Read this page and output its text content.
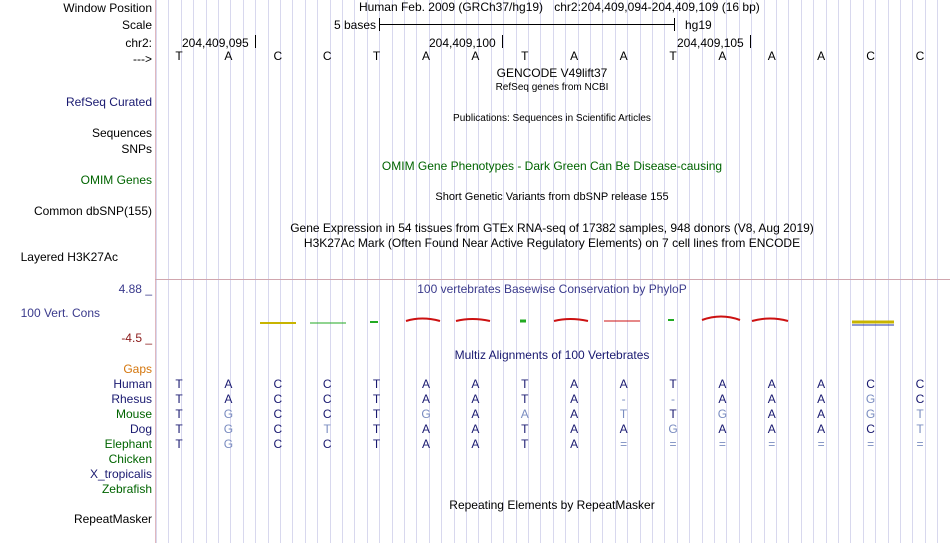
Window Position
Scale
chr2:
--->
RefSeq Curated
Sequences
SNPs
OMIM Genes
Common dbSNP(155)
Layered H3K27Ac
4.88 _
100 Vert. Cons
-4.5 _
Gaps
Human
Rhesus
Mouse
Dog
Elephant
Chicken
X_tropicalis
Zebrafish
RepeatMasker
Human Feb. 2009 (GRCh37/hg19) chr2:204,409,094-204,409,109 (16 bp)
5 bases	hg19
204,409,095	204,409,100	204,409,105
T	A	C	C	T	A	A	T	A	A	T	A	A	A	C	C
GENCODE V49lift37
RefSeq genes from NCBI
Publications: Sequences in Scientific Articles
OMIM Gene Phenotypes - Dark Green Can Be Disease-causing
Short Genetic Variants from dbSNP release 155
Gene Expression in 54 tissues from GTEx RNA-seq of 17382 samples, 948 donors (V8, Aug 2019)
H3K27Ac Mark (Often Found Near Active Regulatory Elements) on 7 cell lines from ENCODE
100 vertebrates Basewise Conservation by PhyloP
Multiz Alignments of 100 Vertebrates
T	A	C	C	T	A	A	T	A	A	T	A	A	A	C	C
T	A	C	C	T	A	A	T	A	-	-	A	A	A	G	C
T	G	C	C	T	G	A	A	A	T	T	G	A	A	G	T
T	G	C	T	T	A	A	T	A	A	G	A	A	A	C	T
T	G	C	C	T	A	A	T	A	=	=	=	=	=	=	=
Repeating Elements by RepeatMasker
